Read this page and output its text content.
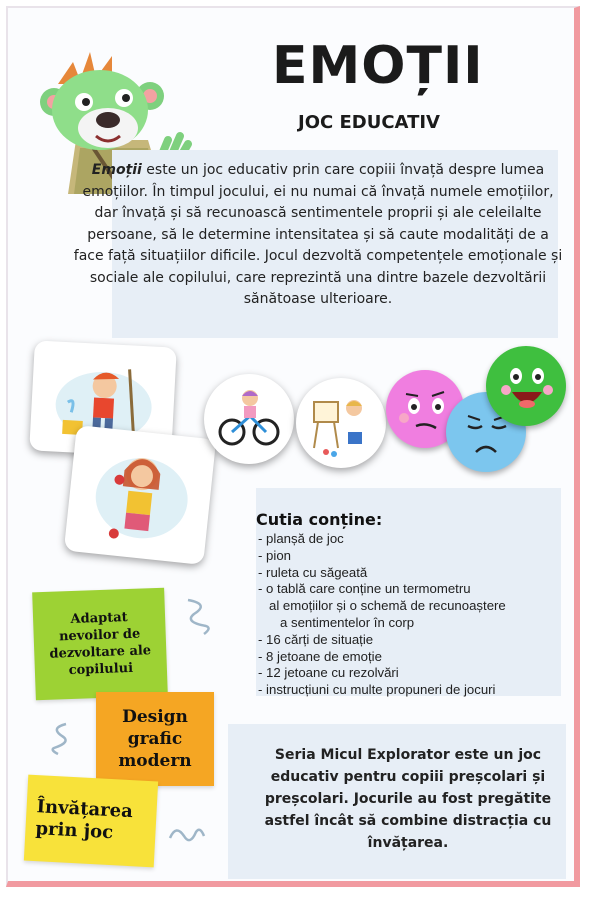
EMOȚII
JOC EDUCATIV
Emoții este un joc educativ prin care copiii învață despre lumea emoțiilor. În timpul jocului, ei nu numai că învață numele emoțiilor, dar învață și să recunoască sentimentele proprii și ale celeilalte persoane, să le determine intensitatea și să caute modalități de a face față situațiilor dificile. Jocul dezvoltă competențele emoționale și sociale ale copilului, care reprezintă una dintre bazele dezvoltării sănătoase ulterioare.
Cutia conține:
- planșă de joc
- pion
- ruleta cu săgeată
- o tablă care conține un termometru
al emoțiilor și o schemă de recunoaștere
a sentimentelor în corp
- 16 cărți de situație
- 8 jetoane de emoție
- 12 jetoane cu rezolvări
- instrucțiuni cu multe propuneri de jocuri
Adaptat nevoilor de dezvoltare ale copilului
Design grafic modern
Învățarea prin joc
Seria Micul Explorator este un joc educativ pentru copiii preșcolari și preșcolari. Jocurile au fost pregătite astfel încât să combine distracția cu învățarea.
